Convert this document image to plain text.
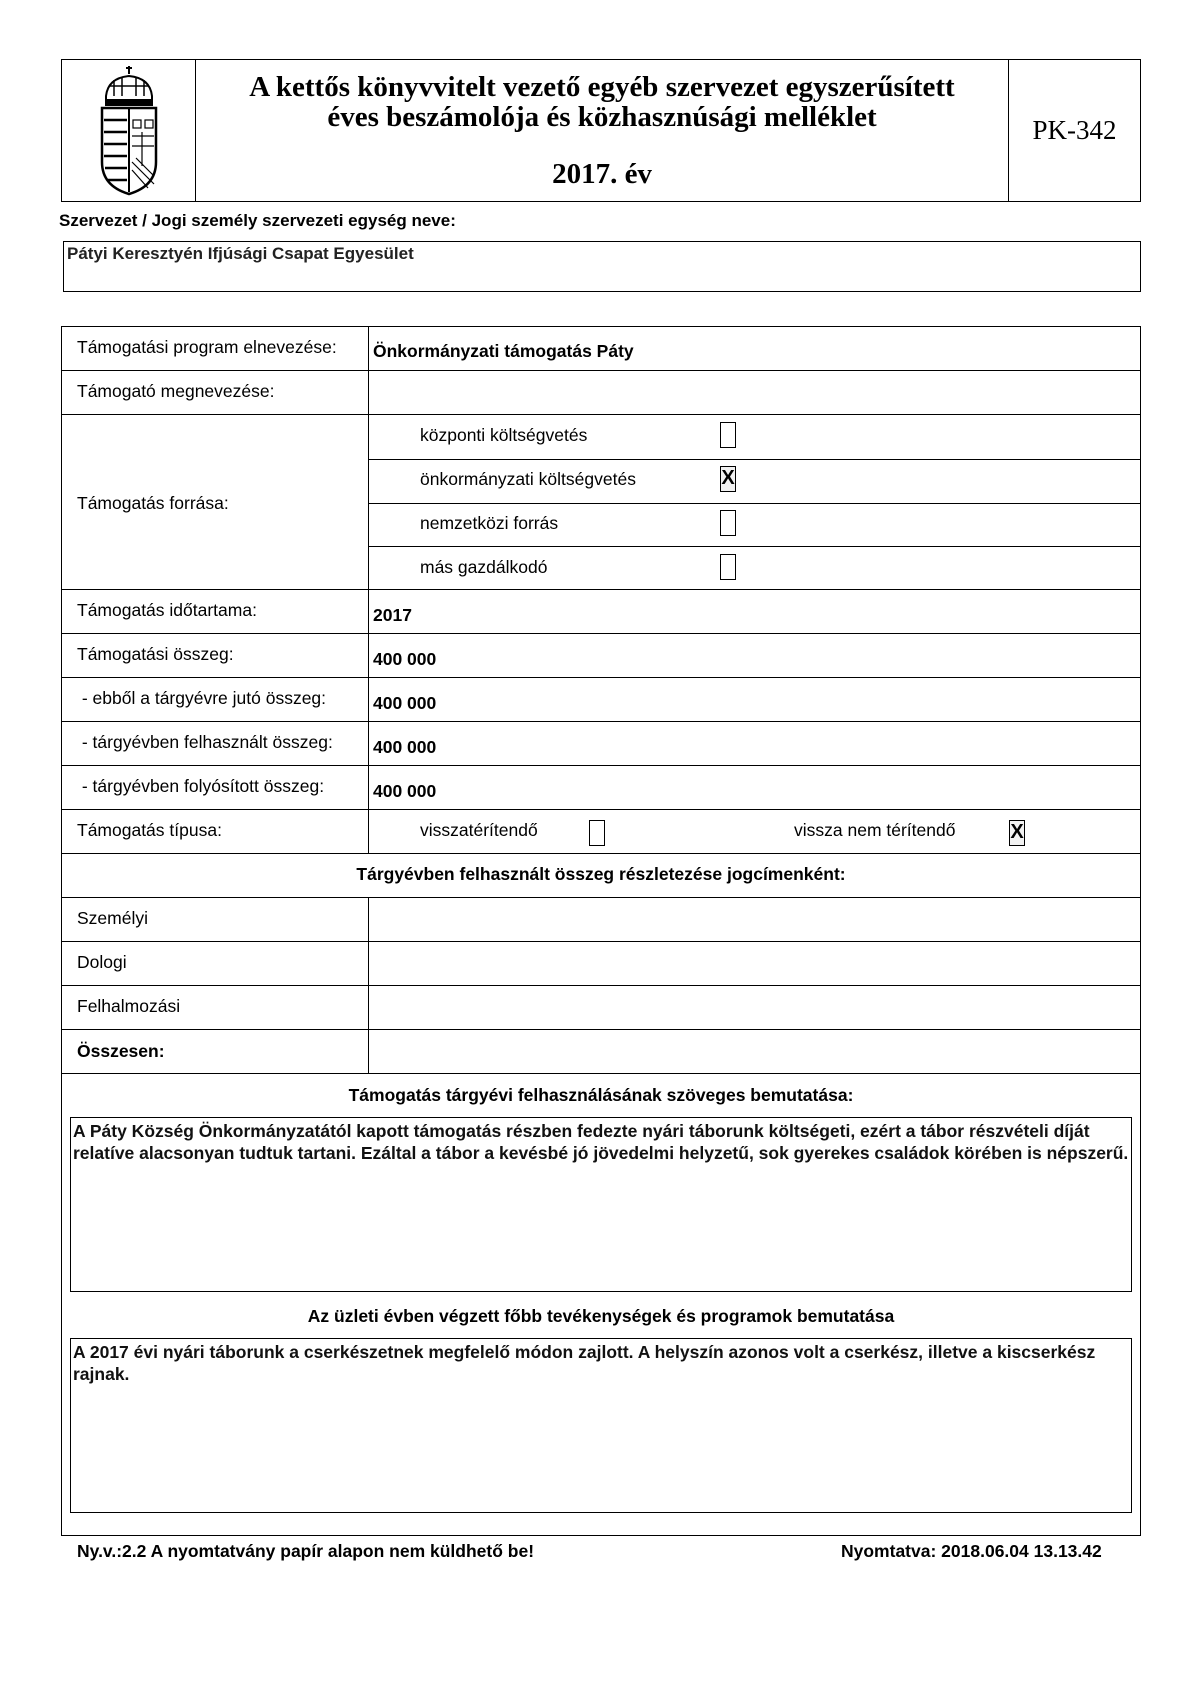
A kettős könyvvitelt vezető egyéb szervezet egyszerűsített
éves beszámolója és közhasznúsági melléklet
2017. év
PK-342
Szervezet / Jogi személy szervezeti egység neve:
Pátyi Keresztyén Ifjúsági Csapat Egyesület
Támogatási program elnevezése: Önkormányzati támogatás Páty
Támogató megnevezése:
Támogatás forrása:
központi költségvetés
önkormányzati költségvetés	X
nemzetközi forrás
más gazdálkodó
Támogatás időtartama:	2017
Támogatási összeg:	400 000
- ebből a tárgyévre jutó összeg:	400 000
- tárgyévben felhasznált összeg: 400 000
- tárgyévben folyósított összeg:	400 000
Támogatás típusa:	visszatérítendő	vissza nem térítendő	X
Tárgyévben felhasznált összeg részletezése jogcímenként:
Személyi
Dologi
Felhalmozási
Összesen:
Támogatás tárgyévi felhasználásának szöveges bemutatása:
A Páty Község Önkormányzatától kapott támogatás részben fedezte nyári táborunk költségeti, ezért a tábor részvételi díját relatíve alacsonyan tudtuk tartani. Ezáltal a tábor a kevésbé jó jövedelmi helyzetű, sok gyerekes családok körében is népszerű.
Az üzleti évben végzett főbb tevékenységek és programok bemutatása
A 2017 évi nyári táborunk a cserkészetnek megfelelő módon zajlott. A helyszín azonos volt a cserkész, illetve a kiscserkész rajnak.
Ny.v.:2.2 A nyomtatvány papír alapon nem küldhető be!	Nyomtatva: 2018.06.04 13.13.42
